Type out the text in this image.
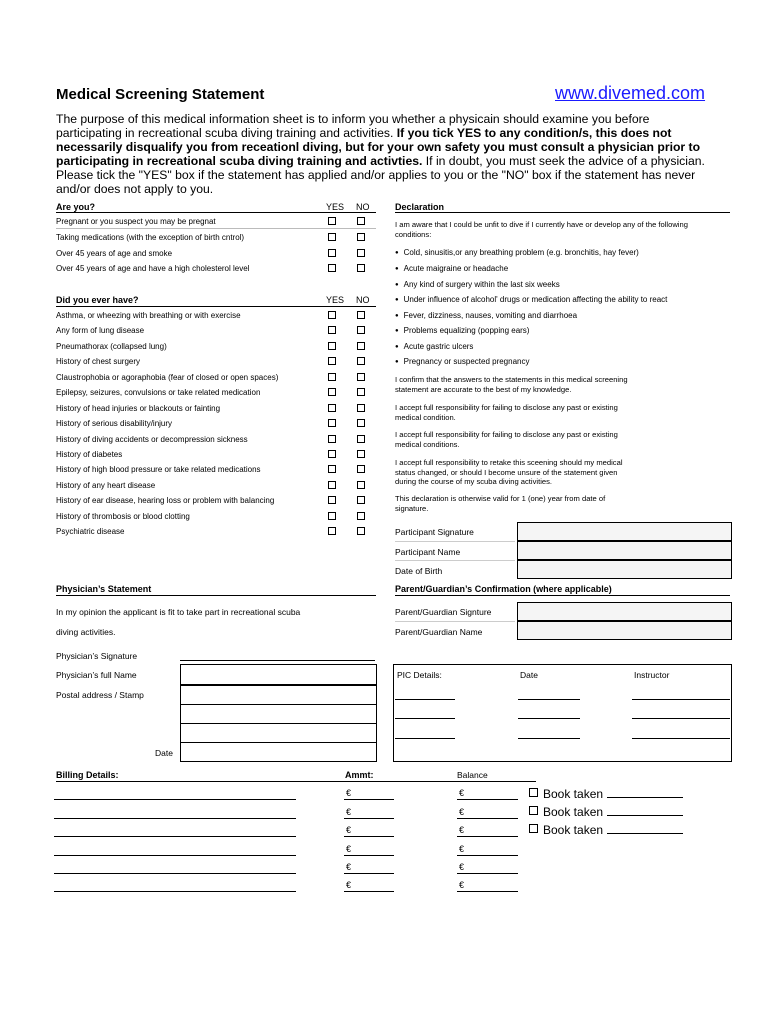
Medical Screening Statement	www.divemed.com
The purpose of this medical information sheet is to inform you whether a physicain should examine you before participating in recreational scuba diving training and activities. If you tick YES to any condition/s, this does not necessarily disqualify you from receationl diving, but for your own safety you must consult a physician prior to participating in recreational scuba diving training and activties. If in doubt, you must seek the advice of a physician. Please tick the "YES" box if the statement has applied and/or applies to you or the "NO" box if the statement has never and/or does not apply to you.
Are you?	YES NO
Pregnant or you suspect you may be pregnat
Taking medications (with the exception of birth cntrol)
Over 45 years of age and smoke
Over 45 years of age and have a high cholesterol level
Did you ever have?	YES NO
Asthma, or wheezing with breathing or with exercise
Any form of lung disease
Pneumathorax (collapsed lung)
History of chest surgery
Claustrophobia or agoraphobia (fear of closed or open spaces)
Epilepsy, seizures, convulsions or take related medication
History of head injuries or blackouts or fainting
History of serious disability/injury
History of diving accidents or decompression sickness
History of diabetes
History of high blood pressure or take related medications
History of any heart disease
History of ear disease, hearing loss or problem with balancing
History of thrombosis or blood clotting
Psychiatric disease
Declaration
I am aware that I could be unfit to dive if I currently have or develop any of the following conditions:
● Cold, sinusitis,or any breathing problem (e.g. bronchitis, hay fever)
● Acute maigraine or headache
● Any kind of surgery within the last six weeks
● Under influence of alcohol' drugs or medication affecting the ability to react
● Fever, dizziness, nauses, vomiting and diarrhoea
● Problems equalizing (popping ears)
● Acute gastric ulcers
● Pregnancy or suspected pregnancy
I confirm that the answers to the statements in this medical screening statement are accurate to the best of my knowledge.
I accept full responsibility for failing to disclose any past or existing medical condition.
I accept full responsibility for failing to disclose any past or existing medical conditions.
I accept full responsibility to retake this sceening should my medical status changed, or should I become unsure of the statement given during the course of my scuba diving activities.
This declaration is otherwise valid for 1 (one) year from date of signature.
Participant Signature
Participant Name
Date of Birth
Physician’s Statement
In my opinion the applicant is fit to take part in recreational scuba
diving activities.
Physician’s Signature
Physician’s full Name
Postal address / Stamp
Date
Parent/Guardian’s Confirmation (where applicable)
Parent/Guardian Signture
Parent/Guardian Name
PIC Details:	Date	Instructor
Billing Details:	Ammt:	Balance
€	€
€	€
€	€
€	€
€	€
€	€
Book taken
Book taken
Book taken
